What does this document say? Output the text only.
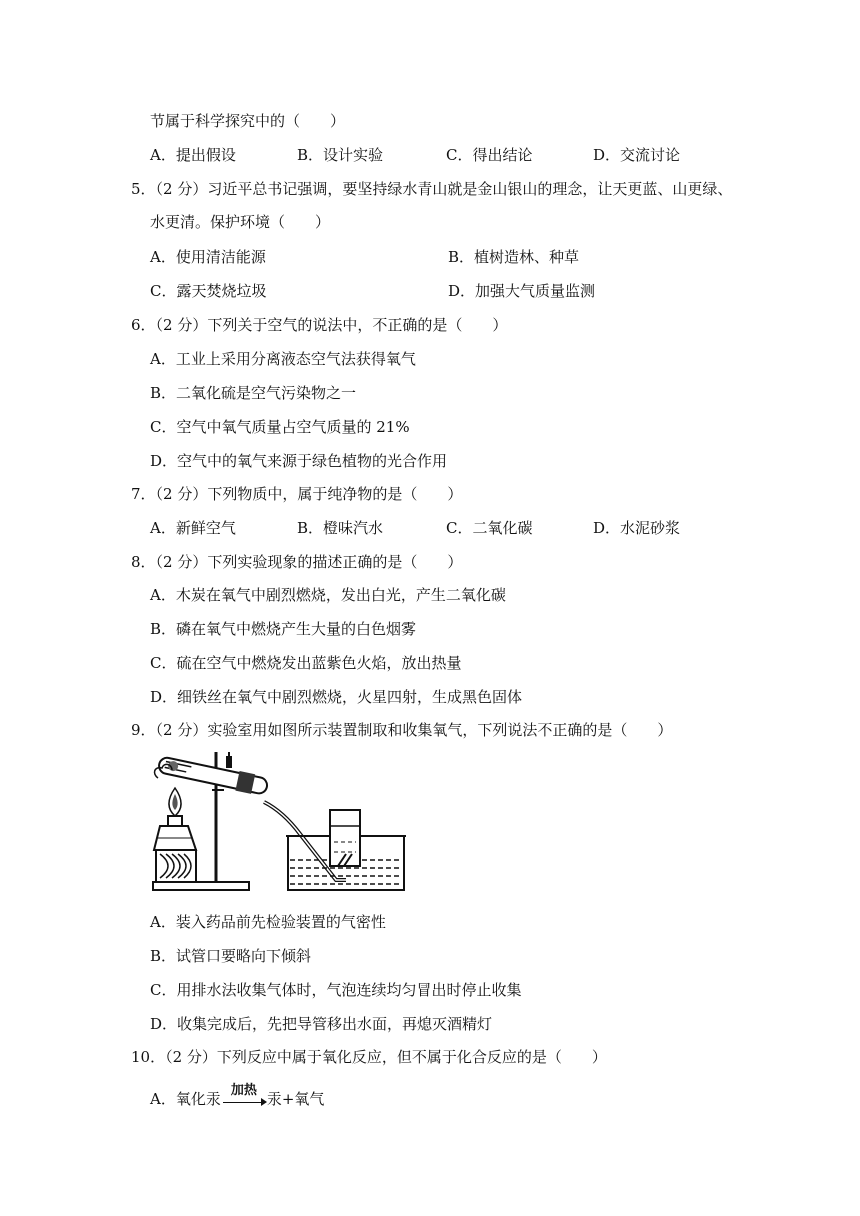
节属于科学探究中的（　　）
A．提出假设	B．设计实验	C．得出结论	D．交流讨论
5．（2 分）习近平总书记强调，要坚持绿水青山就是金山银山的理念，让天更蓝、山更绿、
水更清。保护环境（　　）
A．使用清洁能源	B．植树造林、种草
C．露天焚烧垃圾	D．加强大气质量监测
6．（2 分）下列关于空气的说法中，不正确的是（　　）
A．工业上采用分离液态空气法获得氧气
B．二氧化硫是空气污染物之一
C．空气中氧气质量占空气质量的 21%
D．空气中的氧气来源于绿色植物的光合作用
7．（2 分）下列物质中，属于纯净物的是（　　）
A．新鲜空气	B．橙味汽水	C．二氧化碳	D．水泥砂浆
8．（2 分）下列实验现象的描述正确的是（　　）
A．木炭在氧气中剧烈燃烧，发出白光，产生二氧化碳
B．磷在氧气中燃烧产生大量的白色烟雾
C．硫在空气中燃烧发出蓝紫色火焰，放出热量
D．细铁丝在氧气中剧烈燃烧，火星四射，生成黑色固体
9．（2 分）实验室用如图所示装置制取和收集氧气，下列说法不正确的是（　　）
A．装入药品前先检验装置的气密性
B．试管口要略向下倾斜
C．用排水法收集气体时，气泡连续均匀冒出时停止收集
D．收集完成后，先把导管移出水面，再熄灭酒精灯
10．（2 分）下列反应中属于氧化反应，但不属于化合反应的是（　　）
A．氧化汞 加热 汞+氧气
